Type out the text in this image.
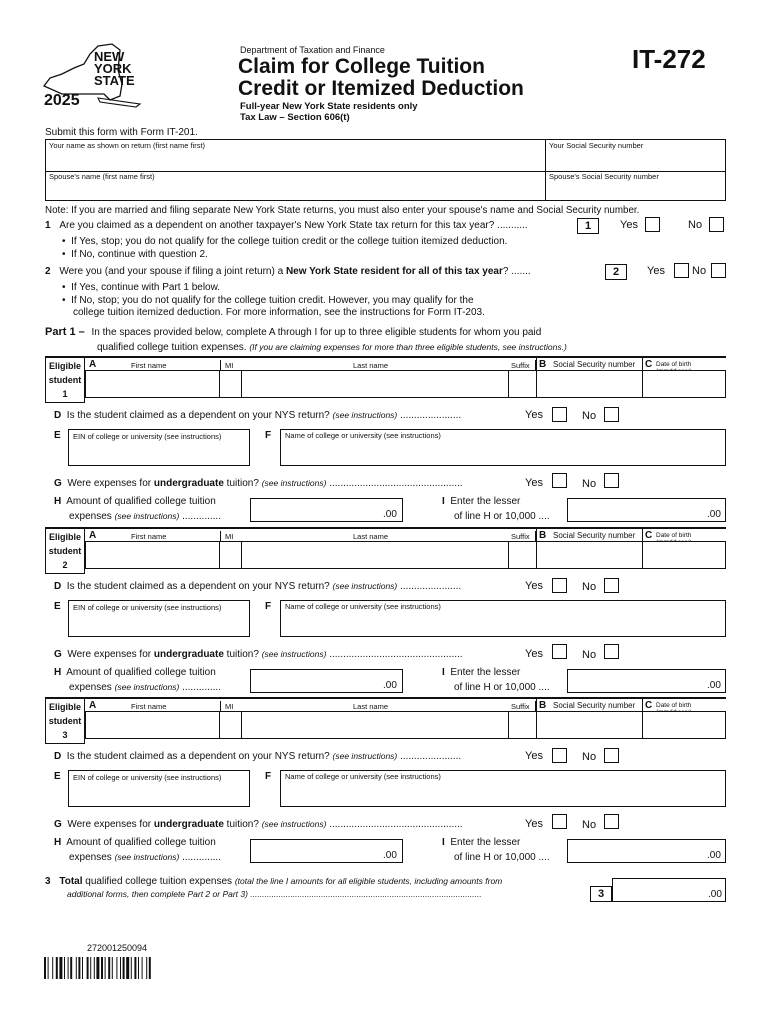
NEW
YORK
STATE
2025
Department of Taxation and Finance
Claim for College Tuition
Credit or Itemized Deduction
Full-year New York State residents only
Tax Law – Section 606(t)
IT-272
Submit this form with Form IT-201.
Your name as shown on return (first name first)	Your Social Security number
Spouse's name (first name first)	Spouse's Social Security number
Note: If you are married and filing separate New York State returns, you must also enter your spouse's name and Social Security number.
1 Are you claimed as a dependent on another taxpayer's New York State tax return for this tax year? ...........	1	Yes	No
•  If Yes, stop; you do not qualify for the college tuition credit or the college tuition itemized deduction.
•  If No, continue with question 2.
2 Were you (and your spouse if filing a joint return) a New York State resident for all of this tax year? .......	2	Yes No
•  If Yes, continue with Part 1 below.
•  If No, stop; you do not qualify for the college tuition credit. However, you may qualify for the
college tuition itemized deduction. For more information, see the instructions for Form IT-203.
Part 1 – In the spaces provided below, complete A through I for up to three eligible students for whom you paid
qualified college tuition expenses. (If you are claiming expenses for more than three eligible students, see instructions.)
Eligible
student
1
A	First name	MI	Last name	Suffix B Social Security number C Date of birth
D Is the student claimed as a dependent on your NYS return? (see instructions) ......................	Yes	No
E EIN of college or university (see instructions)	F Name of college or university (see instructions)
G Were expenses for undergraduate tuition? (see instructions) ................................................	Yes	No
H Amount of qualified college tuition
expenses (see instructions) ..............	.00
I Enter the lesser
of line H or 10,000 ....	.00
Eligible
student
2
A	First name	MI	Last name	Suffix B Social Security number C Date of birth
D Is the student claimed as a dependent on your NYS return? (see instructions) ......................	Yes	No
E EIN of college or university (see instructions)	F Name of college or university (see instructions)
G Were expenses for undergraduate tuition? (see instructions) ................................................	Yes	No
H Amount of qualified college tuition
expenses (see instructions) ..............	.00
I Enter the lesser
of line H or 10,000 ....	.00
Eligible
student
3
A	First name	MI	Last name	Suffix B Social Security number C Date of birth
D Is the student claimed as a dependent on your NYS return? (see instructions) ......................	Yes	No
E EIN of college or university (see instructions)	F Name of college or university (see instructions)
G Were expenses for undergraduate tuition? (see instructions) ................................................	Yes	No
H Amount of qualified college tuition
expenses (see instructions) ..............	.00
I Enter the lesser
of line H or 10,000 ....	.00
3 Total qualified college tuition expenses (total the line I amounts for all eligible students, including amounts from
additional forms, then complete Part 2 or Part 3) ..................................................................................................	3	.00
272001250094
